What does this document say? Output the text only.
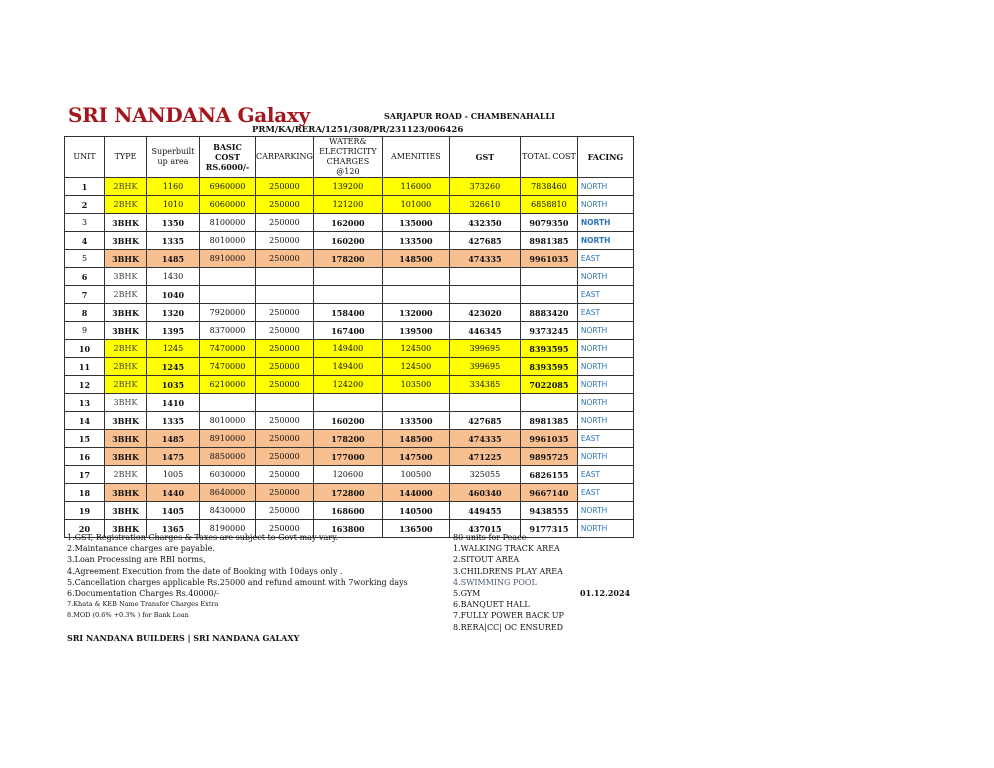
SRI NANDANA Galaxy	SARJAPUR ROAD - CHAMBENAHALLI
PRM/KA/RERA/1251/308/PR/231123/006426
UNIT	TYPE	Superbuilt up area	BASIC COST RS.6000/-	CARPARKING	WATER& ELECTRICITY CHARGES @120	AMENITIES	GST	TOTAL COST	FACING
1	2BHK	1160	6960000	250000	139200	116000	373260	7838460	NORTH
2	2BHK	1010	6060000	250000	121200	101000	326610	6858810	NORTH
3	3BHK	1350	8100000	250000	162000	135000	432350	9079350	NORTH
4	3BHK	1335	8010000	250000	160200	133500	427685	8981385	NORTH
5	3BHK	1485	8910000	250000	178200	148500	474335	9961035	EAST
6	3BHK	1430							NORTH
7	2BHK	1040							EAST
8	3BHK	1320	7920000	250000	158400	132000	423020	8883420	EAST
9	3BHK	1395	8370000	250000	167400	139500	446345	9373245	NORTH
10	2BHK	1245	7470000	250000	149400	124500	399695	8393595	NORTH
11	2BHK	1245	7470000	250000	149400	124500	399695	8393595	NORTH
12	2BHK	1035	6210000	250000	124200	103500	334385	7022085	NORTH
13	3BHK	1410							NORTH
14	3BHK	1335	8010000	250000	160200	133500	427685	8981385	NORTH
15	3BHK	1485	8910000	250000	178200	148500	474335	9961035	EAST
16	3BHK	1475	8850000	250000	177000	147500	471225	9895725	NORTH
17	2BHK	1005	6030000	250000	120600	100500	325055	6826155	EAST
18	3BHK	1440	8640000	250000	172800	144000	460340	9667140	EAST
19	3BHK	1405	8430000	250000	168600	140500	449455	9438555	NORTH
20	3BHK	1365	8190000	250000	163800	136500	437015	9177315	NORTH
1.GST, Registration Charges & Taxes are subject to Govt may vary.
2.Maintanance charges are payable.
3.Loan Processing are RBI norms,
4.Agreement Execution from the date of Booking with 10days only .
5.Cancellation charges applicable Rs.25000 and refund amount with 7working days
6.Documentation Charges Rs.40000/-
7.Khata & KEB Name Transfer Charges Extra
8.MOD (0.6% +0.3% ) for Bank Loan
SRI NANDANA BUILDERS | SRI NANDANA GALAXY
80 units for Peace
1.WALKING TRACK AREA
2.SITOUT AREA
3.CHILDRENS PLAY AREA
4.SWIMMING POOL
5.GYM
6.BANQUET HALL
7.FULLY POWER BACK UP
8.RERA|CC| OC ENSURED
01.12.2024
